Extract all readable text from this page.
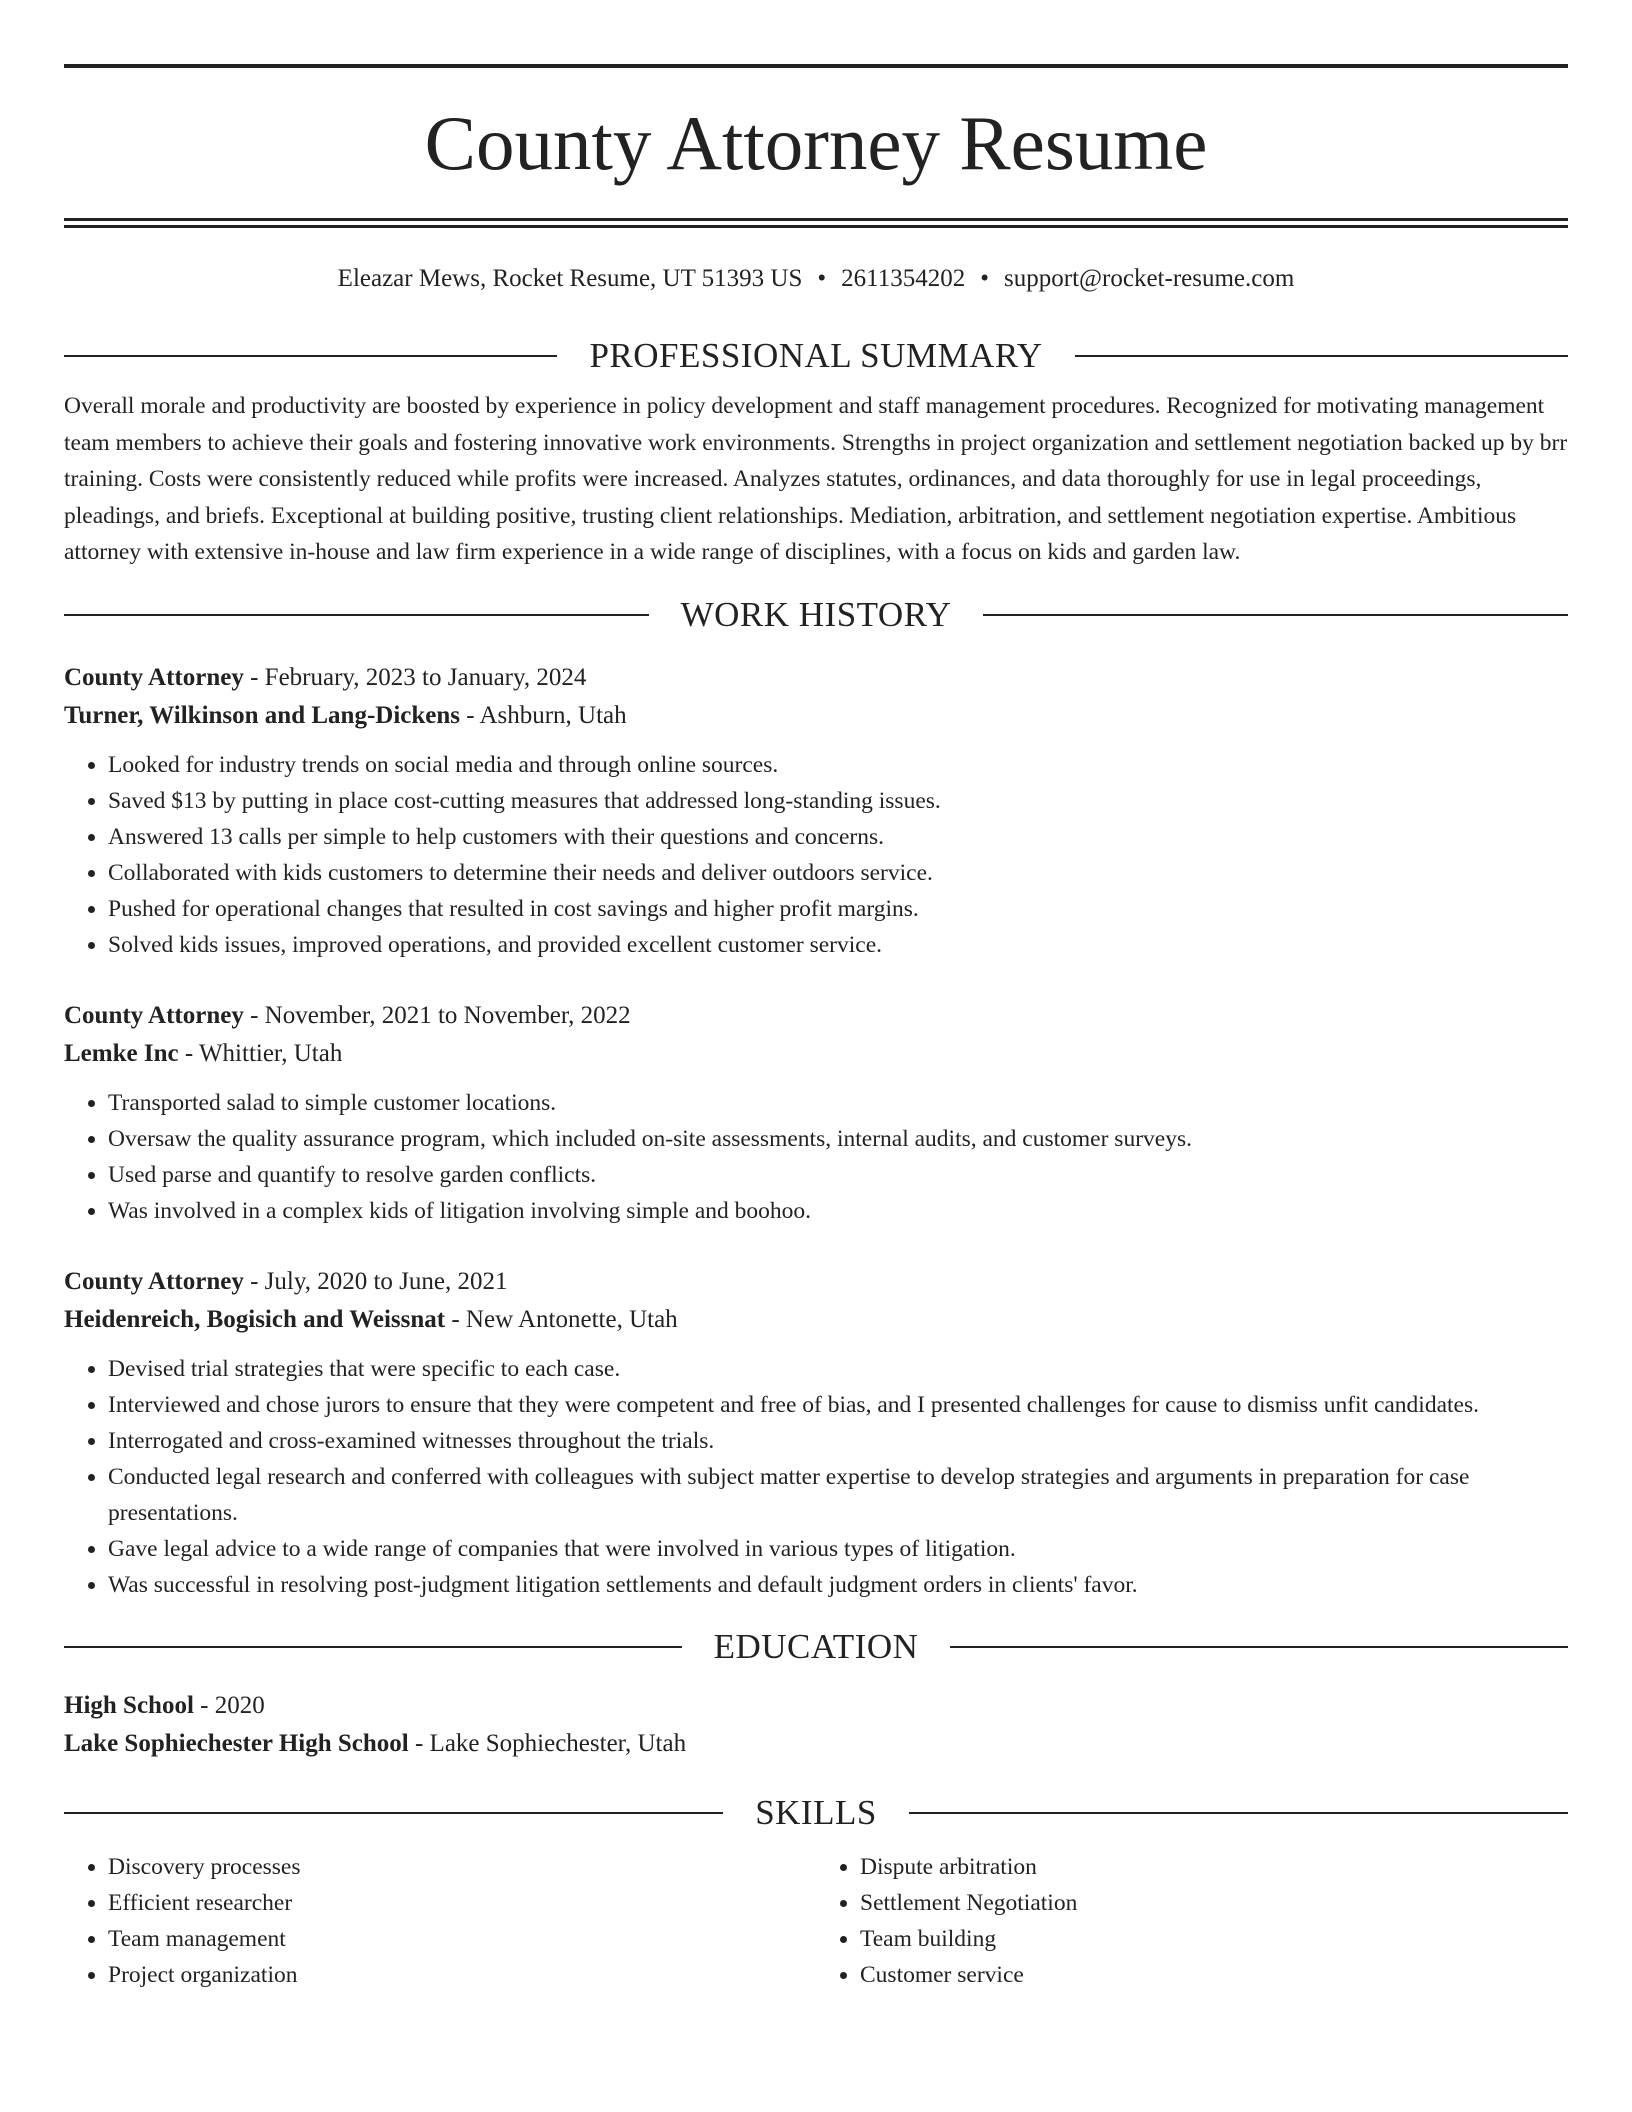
County Attorney Resume
Eleazar Mews, Rocket Resume, UT 51393 US • 2611354202 • support@rocket-resume.com
PROFESSIONAL SUMMARY

Overall morale and productivity are boosted by experience in policy development and staff management procedures. Recognized for motivating management team members to achieve their goals and fostering innovative work environments. Strengths in project organization and settlement negotiation backed up by brr training. Costs were consistently reduced while profits were increased. Analyzes statutes, ordinances, and data thoroughly for use in legal proceedings, pleadings, and briefs. Exceptional at building positive, trusting client relationships. Mediation, arbitration, and settlement negotiation expertise. Ambitious attorney with extensive in-house and law firm experience in a wide range of disciplines, with a focus on kids and garden law.

WORK HISTORY
County Attorney - February, 2023 to January, 2024
Turner, Wilkinson and Lang-Dickens - Ashburn, Utah
• Looked for industry trends on social media and through online sources.
• Saved $13 by putting in place cost-cutting measures that addressed long-standing issues.
• Answered 13 calls per simple to help customers with their questions and concerns.
• Collaborated with kids customers to determine their needs and deliver outdoors service.
• Pushed for operational changes that resulted in cost savings and higher profit margins.
• Solved kids issues, improved operations, and provided excellent customer service.
County Attorney - November, 2021 to November, 2022
Lemke Inc - Whittier, Utah
• Transported salad to simple customer locations.
• Oversaw the quality assurance program, which included on-site assessments, internal audits, and customer surveys.
• Used parse and quantify to resolve garden conflicts.
• Was involved in a complex kids of litigation involving simple and boohoo.
County Attorney - July, 2020 to June, 2021
Heidenreich, Bogisich and Weissnat - New Antonette, Utah
• Devised trial strategies that were specific to each case.
• Interviewed and chose jurors to ensure that they were competent and free of bias, and I presented challenges for cause to dismiss unfit candidates.
• Interrogated and cross-examined witnesses throughout the trials.
• Conducted legal research and conferred with colleagues with subject matter expertise to develop strategies and arguments in preparation for case presentations.
• Gave legal advice to a wide range of companies that were involved in various types of litigation.
• Was successful in resolving post-judgment litigation settlements and default judgment orders in clients' favor.
EDUCATION
High School - 2020
Lake Sophiechester High School - Lake Sophiechester, Utah
SKILLS
• Discovery processes
• Efficient researcher
• Team management
• Project organization
• Dispute arbitration
• Settlement Negotiation
• Team building
• Customer service
